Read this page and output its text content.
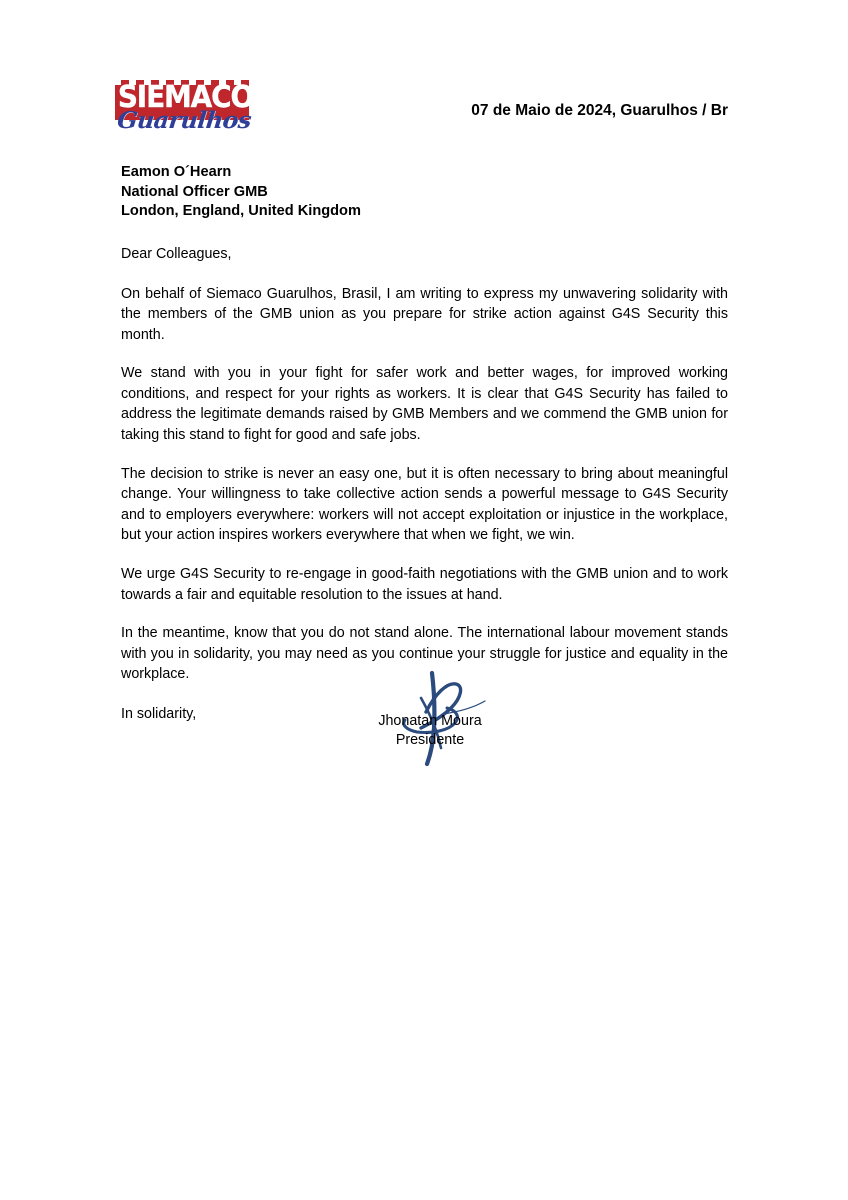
SIEMACO
Guarulhos	07 de Maio de 2024, Guarulhos / Br
Eamon O´Hearn
National Officer GMB
London, England, United Kingdom

Dear Colleagues,

On behalf of Siemaco Guarulhos, Brasil, I am writing to express my unwavering solidarity with the members of the GMB union as you prepare for strike action against G4S Security this month.

We stand with you in your fight for safer work and better wages, for improved working conditions, and respect for your rights as workers. It is clear that G4S Security has failed to address the legitimate demands raised by GMB Members and we commend the GMB union for taking this stand to fight for good and safe jobs.

The decision to strike is never an easy one, but it is often necessary to bring about meaningful change. Your willingness to take collective action sends a powerful message to G4S Security and to employers everywhere: workers will not accept exploitation or injustice in the workplace, but your action inspires workers everywhere that when we fight, we win.

We urge G4S Security to re-engage in good-faith negotiations with the GMB union and to work towards a fair and equitable resolution to the issues at hand.

In the meantime, know that you do not stand alone. The international labour movement stands with you in solidarity, you may need as you continue your struggle for justice and equality in the workplace.

In solidarity,	Jhonatan Moura
Presidente
